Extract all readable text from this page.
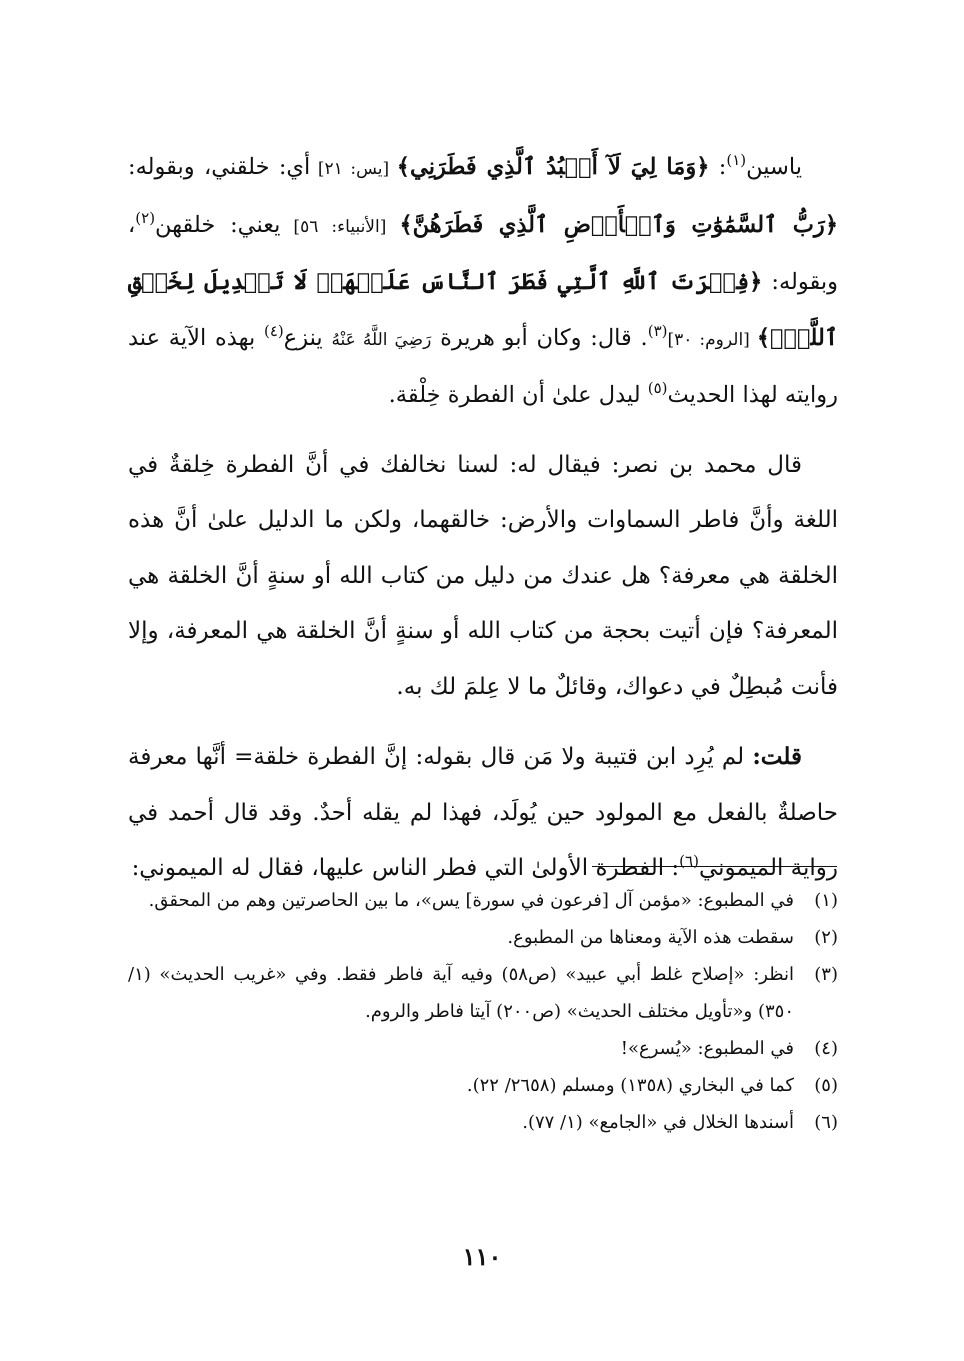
ياسين$^{(١)}$: ﴿وَمَا لِيَ لَآ أَعۡبُدُ ٱلَّذِي فَطَرَنِي﴾ [يس: ٢١] أي: خلقني، وبقوله: ﴿رَبُّ ٱلسَّمَٰوَٰتِ وَٱلۡأَرۡضِ ٱلَّذِي فَطَرَهُنَّ﴾ [الأنبياء: ٥٦] يعني: خلقهن$^{(٢)}$، وبقوله: ﴿فِطۡرَتَ ٱللَّهِ ٱلَّتِي فَطَرَ ٱلنَّاسَ عَلَيۡهَاۚ لَا تَبۡدِيلَ لِخَلۡقِ ٱللَّهِۚ﴾ [الروم: ٣٠]$^{(٣)}$. قال: وكان أبو هريرة رَضِيَ اللَّهُ عَنْهُ ينزع$^{(٤)}$ بهذه الآية عند روايته لهذا الحديث$^{(٥)}$ ليدل علىٰ أن الفطرة خِلْقة.

قال محمد بن نصر: فيقال له: لسنا نخالفك في أنَّ الفطرة خِلقةٌ في اللغة وأنَّ فاطر السماوات والأرض: خالقهما، ولكن ما الدليل علىٰ أنَّ هذه الخلقة هي معرفة؟ هل عندك من دليل من كتاب الله أو سنةٍ أنَّ الخلقة هي المعرفة؟ فإن أتيت بحجة من كتاب الله أو سنةٍ أنَّ الخلقة هي المعرفة، وإلا فأنت مُبطِلٌ في دعواك، وقائلٌ ما لا عِلمَ لك به.

قلت: لم يُرِد ابن قتيبة ولا مَن قال بقوله: إنَّ الفطرة خلقة= أنَّها معرفة حاصلةٌ بالفعل مع المولود حين يُولَد، فهذا لم يقله أحدٌ. وقد قال أحمد في رواية الميموني$^{(٦)}$: الفطرة الأولىٰ التي فطر الناس عليها، فقال له الميموني:

(١)
في المطبوع: «مؤمن آل [فرعون في سورة] يس»، ما بين الحاصرتين وهم من المحقق.
(٢)
سقطت هذه الآية ومعناها من المطبوع.
(٣)
انظر: «إصلاح غلط أبي عبيد» (ص٥٨) وفيه آية فاطر فقط. وفي «غريب الحديث» (١/ ٣٥٠) و«تأويل مختلف الحديث» (ص٢٠٠) آيتا فاطر والروم.
(٤)
في المطبوع: «يُسرع»!
(٥)
كما في البخاري (١٣٥٨) ومسلم (٢٦٥٨/ ٢٢).
(٦)
أسندها الخلال في «الجامع» (١/ ٧٧).
١١٠
